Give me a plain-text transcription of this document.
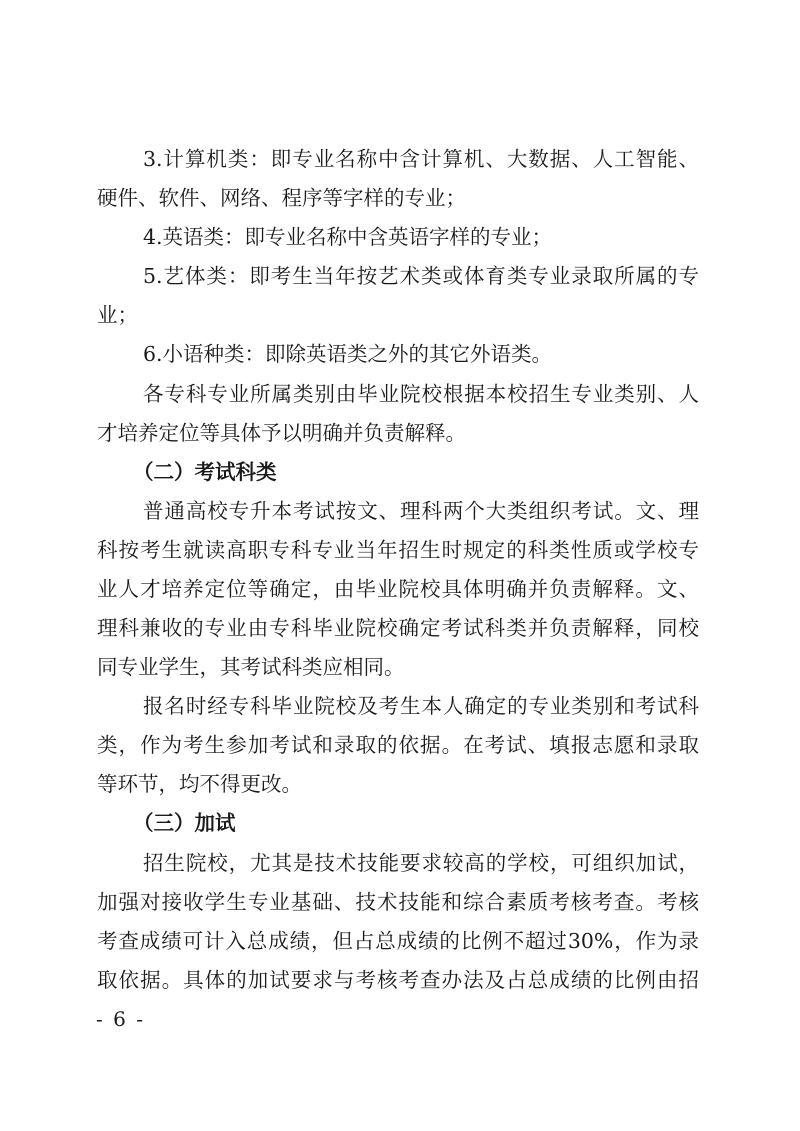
3.计算机类：即专业名称中含计算机、大数据、人工智能、
硬件、软件、网络、程序等字样的专业；
4.英语类：即专业名称中含英语字样的专业；
5.艺体类：即考生当年按艺术类或体育类专业录取所属的专
业；
6.小语种类：即除英语类之外的其它外语类。
各专科专业所属类别由毕业院校根据本校招生专业类别、人
才培养定位等具体予以明确并负责解释。
（二）考试科类
普通高校专升本考试按文、理科两个大类组织考试。文、理
科按考生就读高职专科专业当年招生时规定的科类性质或学校专
业人才培养定位等确定，由毕业院校具体明确并负责解释。文、
理科兼收的专业由专科毕业院校确定考试科类并负责解释，同校
同专业学生，其考试科类应相同。
报名时经专科毕业院校及考生本人确定的专业类别和考试科
类，作为考生参加考试和录取的依据。在考试、填报志愿和录取
等环节，均不得更改。
（三）加试
招生院校，尤其是技术技能要求较高的学校，可组织加试，
加强对接收学生专业基础、技术技能和综合素质考核考查。考核
考查成绩可计入总成绩，但占总成绩的比例不超过30%，作为录
取依据。具体的加试要求与考核考查办法及占总成绩的比例由招
- 6 -
